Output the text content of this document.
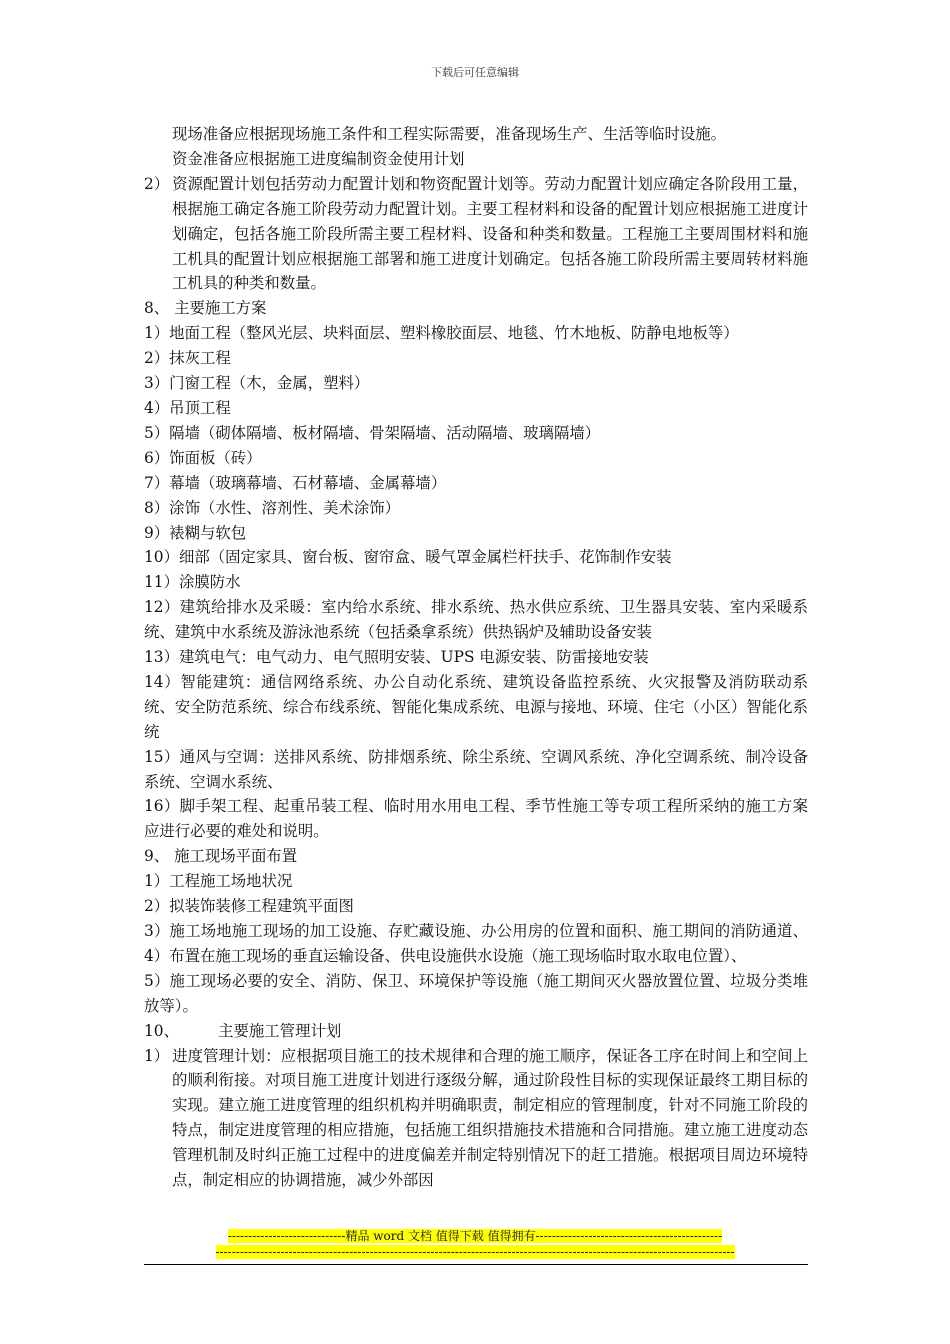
下载后可任意编辑

现场准备应根据现场施工条件和工程实际需要，准备现场生产、生活等临时设施。

资金准备应根据施工进度编制资金使用计划

2） 资源配置计划包括劳动力配置计划和物资配置计划等。劳动力配置计划应确定各阶段用工量，根据施工确定各施工阶段劳动力配置计划。主要工程材料和设备的配置计划应根据施工进度计划确定，包括各施工阶段所需主要工程材料、设备和种类和数量。工程施工主要周围材料和施工机具的配置计划应根据施工部署和施工进度计划确定。包括各施工阶段所需主要周转材料施工机具的种类和数量。

8、 主要施工方案

1）地面工程（整风光层、块料面层、塑料橡胶面层、地毯、竹木地板、防静电地板等）

2）抹灰工程

3）门窗工程（木，金属，塑料）

4）吊顶工程

5）隔墙（砌体隔墙、板材隔墙、骨架隔墙、活动隔墙、玻璃隔墙）

6）饰面板（砖）

7）幕墙（玻璃幕墙、石材幕墙、金属幕墙）

8）涂饰（水性、溶剂性、美术涂饰）

9）裱糊与软包

10）细部（固定家具、窗台板、窗帘盒、暖气罩金属栏杆扶手、花饰制作安装

11）涂膜防水

12）建筑给排水及采暖：室内给水系统、排水系统、热水供应系统、卫生器具安装、室内采暖系统、建筑中水系统及游泳池系统（包括桑拿系统）供热锅炉及辅助设备安装

13）建筑电气：电气动力、电气照明安装、UPS 电源安装、防雷接地安装

14）智能建筑：通信网络系统、办公自动化系统、建筑设备监控系统、火灾报警及消防联动系统、安全防范系统、综合布线系统、智能化集成系统、电源与接地、环境、住宅（小区）智能化系统

15）通风与空调：送排风系统、防排烟系统、除尘系统、空调风系统、净化空调系统、制冷设备系统、空调水系统、

16）脚手架工程、起重吊装工程、临时用水用电工程、季节性施工等专项工程所采纳的施工方案应进行必要的难处和说明。

9、 施工现场平面布置

1）工程施工场地状况

2）拟装饰装修工程建筑平面图

3）施工场地施工现场的加工设施、存贮藏设施、办公用房的位置和面积、施工期间的消防通道、4）布置在施工现场的垂直运输设备、供电设施供水设施（施工现场临时取水取电位置）、

5）施工现场必要的安全、消防、保卫、环境保护等设施（施工期间灭火器放置位置、垃圾分类堆放等）。

10、        主要施工管理计划

1） 进度管理计划：应根据项目施工的技术规律和合理的施工顺序，保证各工序在时间上和空间上的顺利衔接。对项目施工进度计划进行逐级分解，通过阶段性目标的实现保证最终工期目标的实现。建立施工进度管理的组织机构并明确职责，制定相应的管理制度，针对不同施工阶段的特点，制定进度管理的相应措施，包括施工组织措施技术措施和合同措施。建立施工进度动态管理机制及时纠正施工过程中的进度偏差并制定特别情况下的赶工措施。根据项目周边环境特点，制定相应的协调措施，减少外部因

-----------------------------精品 word 文档 值得下载 值得拥有----------------------------------------------
--------------------------------------------------------------------------------------------------------------------------------
